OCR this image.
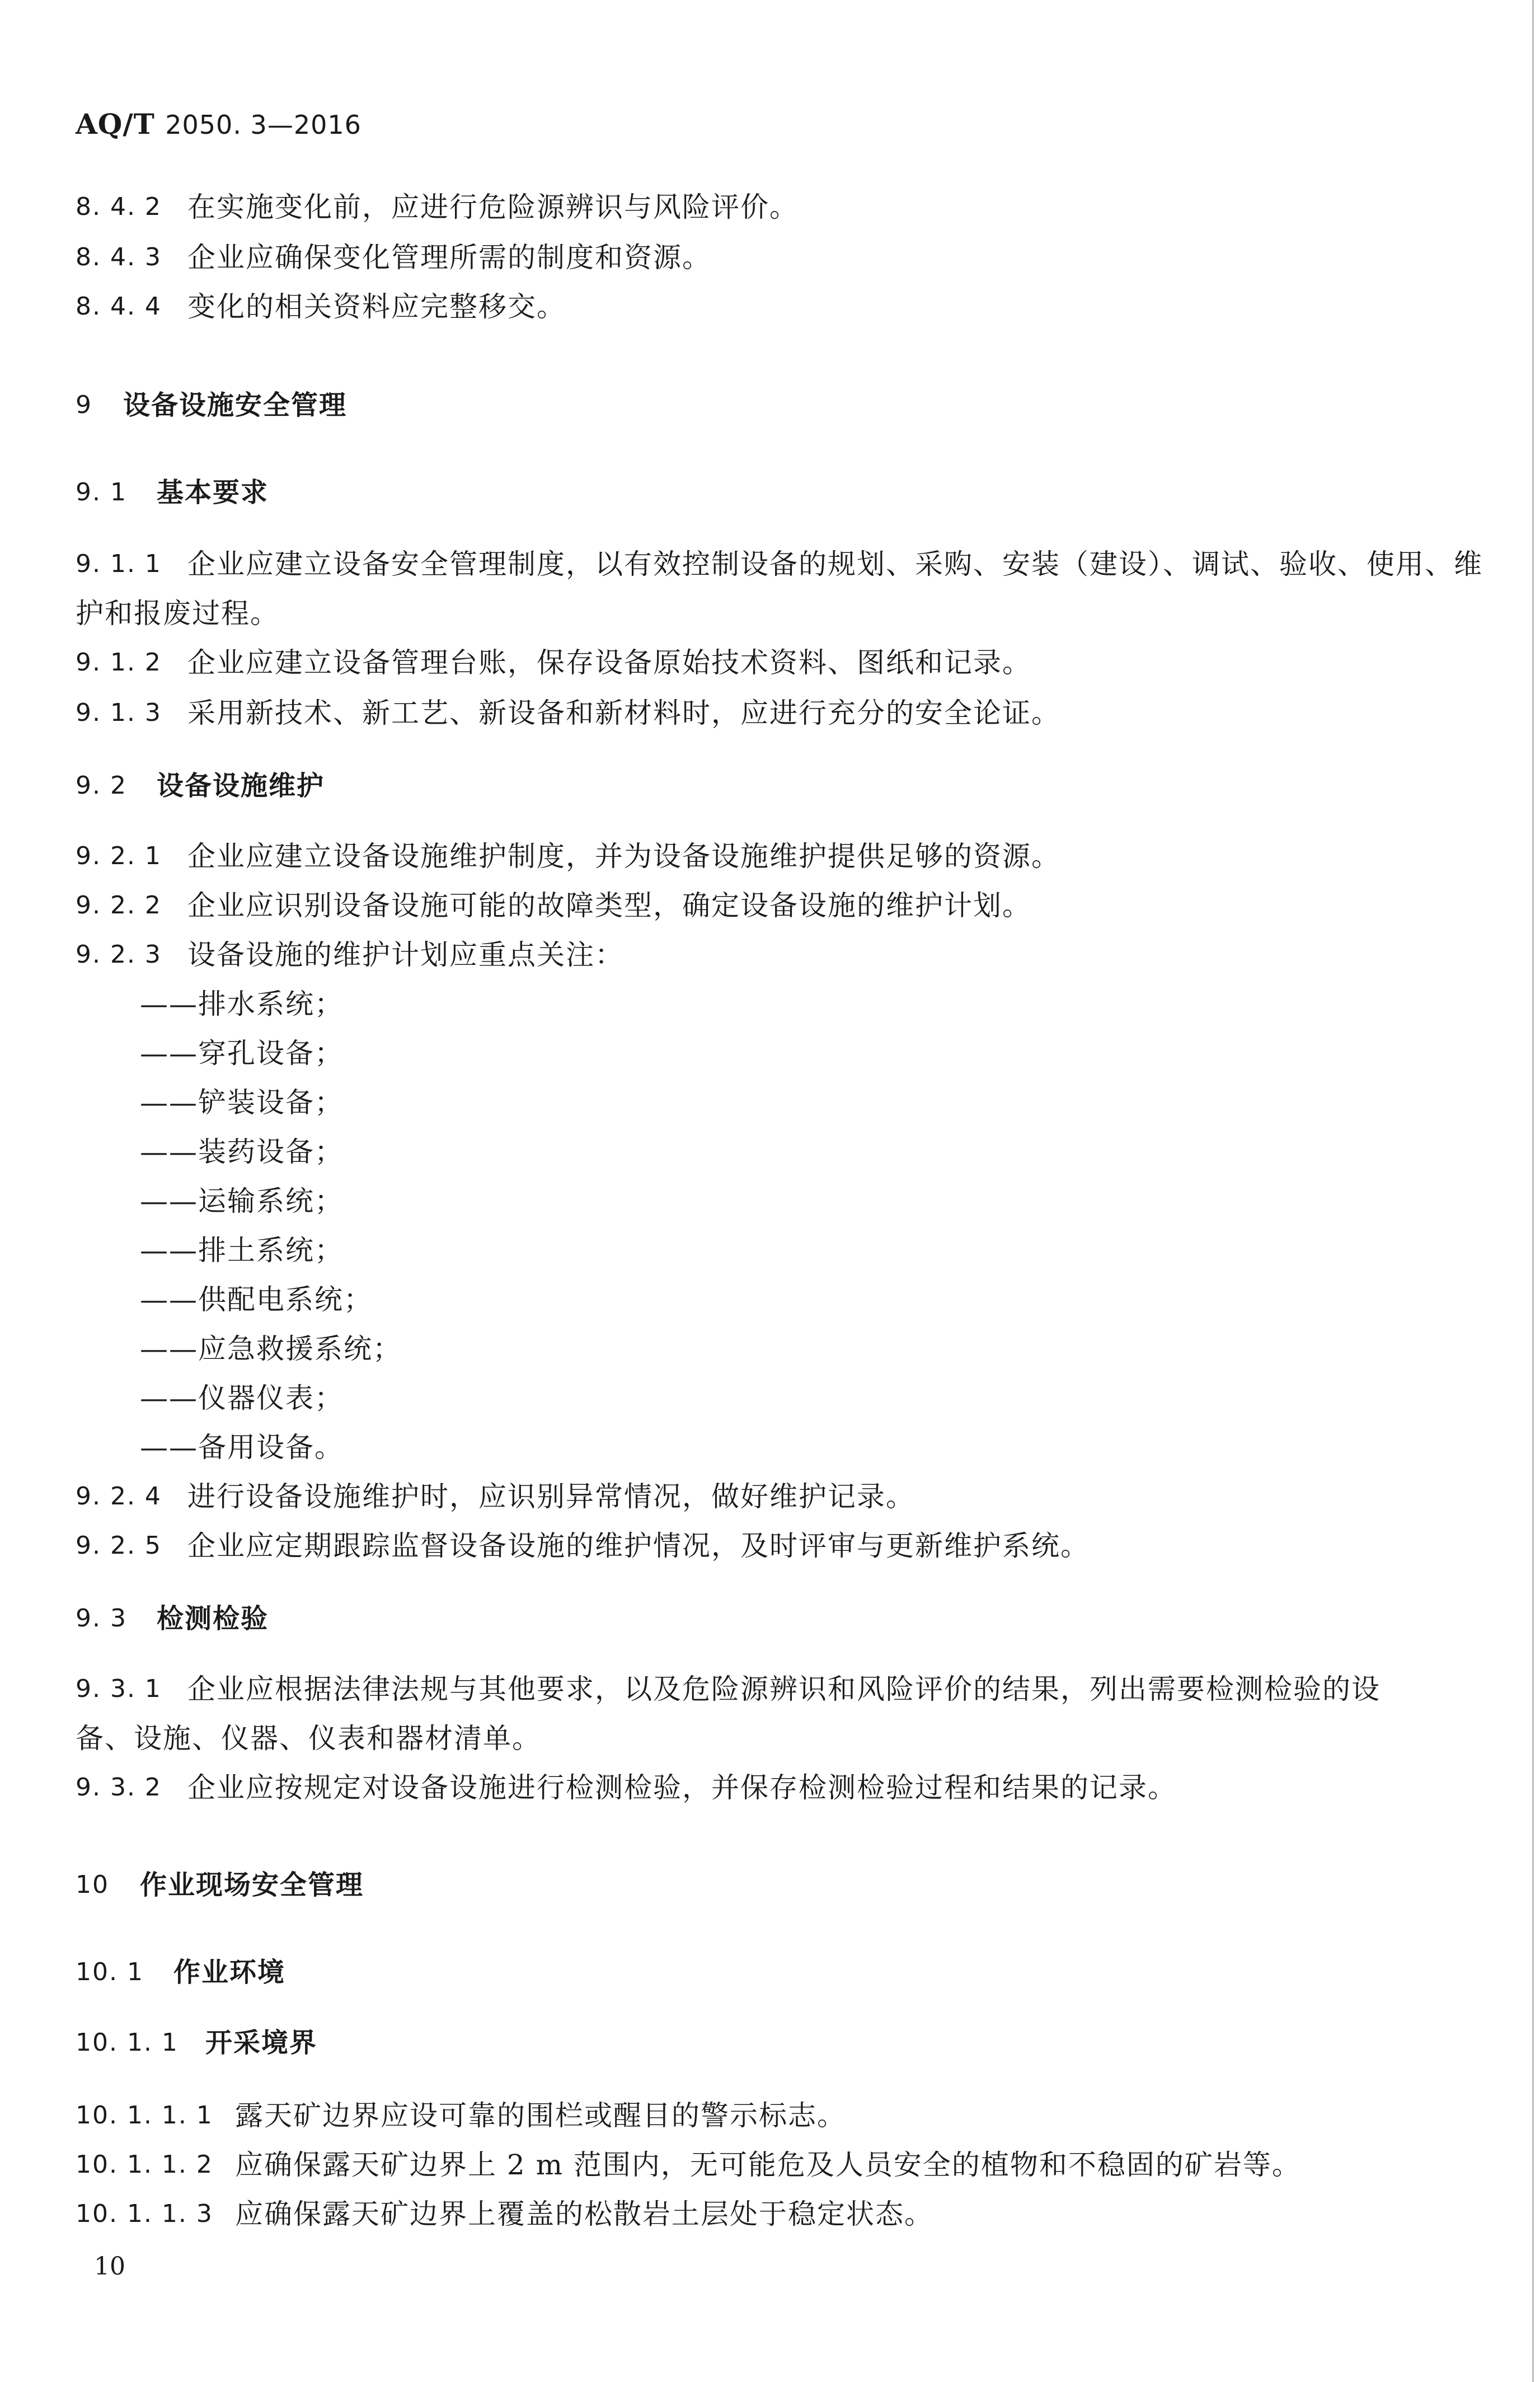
AQ/T 2050. 3—2016
8. 4. 2 在实施变化前，应进行危险源辨识与风险评价。
8. 4. 3 企业应确保变化管理所需的制度和资源。
8. 4. 4 变化的相关资料应完整移交。
9 设备设施安全管理
9. 1 基本要求
9. 1. 1 企业应建立设备安全管理制度，以有效控制设备的规划、采购、安装（建设）、调试、验收、使用、维
护和报废过程。
9. 1. 2 企业应建立设备管理台账，保存设备原始技术资料、图纸和记录。
9. 1. 3 采用新技术、新工艺、新设备和新材料时，应进行充分的安全论证。
9. 2 设备设施维护
9. 2. 1 企业应建立设备设施维护制度，并为设备设施维护提供足够的资源。
9. 2. 2 企业应识别设备设施可能的故障类型，确定设备设施的维护计划。
9. 2. 3 设备设施的维护计划应重点关注：
——排水系统；
——穿孔设备；
——铲装设备；
——装药设备；
——运输系统；
——排土系统；
——供配电系统；
——应急救援系统；
——仪器仪表；
——备用设备。
9. 2. 4 进行设备设施维护时，应识别异常情况，做好维护记录。
9. 2. 5 企业应定期跟踪监督设备设施的维护情况，及时评审与更新维护系统。
9. 3 检测检验
9. 3. 1 企业应根据法律法规与其他要求，以及危险源辨识和风险评价的结果，列出需要检测检验的设
备、设施、仪器、仪表和器材清单。
9. 3. 2 企业应按规定对设备设施进行检测检验，并保存检测检验过程和结果的记录。
10 作业现场安全管理
10. 1 作业环境
10. 1. 1 开采境界
10. 1. 1. 1 露天矿边界应设可靠的围栏或醒目的警示标志。
10. 1. 1. 2 应确保露天矿边界上 2 m 范围内，无可能危及人员安全的植物和不稳固的矿岩等。
10. 1. 1. 3 应确保露天矿边界上覆盖的松散岩土层处于稳定状态。
10
